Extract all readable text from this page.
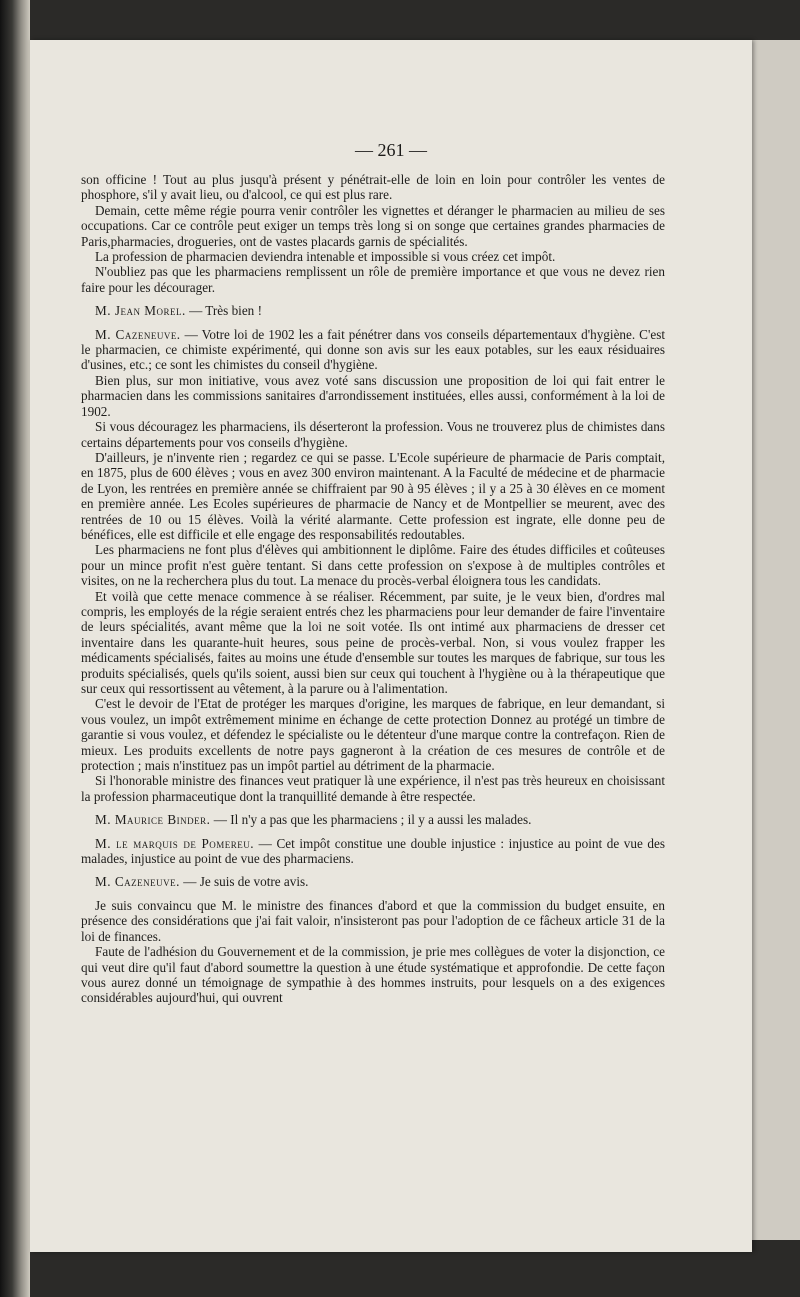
— 261 —

son officine ! Tout au plus jusqu'à présent y pénétrait-elle de loin en loin pour contrôler les ventes de phosphore, s'il y avait lieu, ou d'alcool, ce qui est plus rare.

Demain, cette même régie pourra venir contrôler les vignettes et déranger le pharmacien au milieu de ses occupations. Car ce contrôle peut exiger un temps très long si on songe que certaines grandes pharmacies de Paris,pharmacies, drogueries, ont de vastes placards garnis de spécialités.

La profession de pharmacien deviendra intenable et impossible si vous créez cet impôt.

N'oubliez pas que les pharmaciens remplissent un rôle de première importance et que vous ne devez rien faire pour les décourager.

M. Jean Morel. — Très bien !

M. Cazeneuve. — Votre loi de 1902 les a fait pénétrer dans vos conseils départementaux d'hygiène. C'est le pharmacien, ce chimiste expérimenté, qui donne son avis sur les eaux potables, sur les eaux résiduaires d'usines, etc.; ce sont les chimistes du conseil d'hygiène.

Bien plus, sur mon initiative, vous avez voté sans discussion une proposition de loi qui fait entrer le pharmacien dans les commissions sanitaires d'arrondissement instituées, elles aussi, conformément à la loi de 1902.

Si vous découragez les pharmaciens, ils déserteront la profession. Vous ne trouverez plus de chimistes dans certains départements pour vos conseils d'hygiène.

D'ailleurs, je n'invente rien ; regardez ce qui se passe. L'Ecole supérieure de pharmacie de Paris comptait, en 1875, plus de 600 élèves ; vous en avez 300 environ maintenant. A la Faculté de médecine et de pharmacie de Lyon, les rentrées en première année se chiffraient par 90 à 95 élèves ; il y a 25 à 30 élèves en ce moment en première année. Les Ecoles supérieures de pharmacie de Nancy et de Montpellier se meurent, avec des rentrées de 10 ou 15 élèves. Voilà la vérité alarmante. Cette profession est ingrate, elle donne peu de bénéfices, elle est difficile et elle engage des responsabilités redoutables.

Les pharmaciens ne font plus d'élèves qui ambitionnent le diplôme. Faire des études difficiles et coûteuses pour un mince profit n'est guère tentant. Si dans cette profession on s'expose à de multiples contrôles et visites, on ne la recherchera plus du tout. La menace du procès-verbal éloignera tous les candidats.

Et voilà que cette menace commence à se réaliser. Récemment, par suite, je le veux bien, d'ordres mal compris, les employés de la régie seraient entrés chez les pharmaciens pour leur demander de faire l'inventaire de leurs spécialités, avant même que la loi ne soit votée. Ils ont intimé aux pharmaciens de dresser cet inventaire dans les quarante-huit heures, sous peine de procès-verbal. Non, si vous voulez frapper les médicaments spécialisés, faites au moins une étude d'ensemble sur toutes les marques de fabrique, sur tous les produits spécialisés, quels qu'ils soient, aussi bien sur ceux qui touchent à l'hygiène ou à la thérapeutique que sur ceux qui ressortissent au vêtement, à la parure ou à l'alimentation.

C'est le devoir de l'Etat de protéger les marques d'origine, les marques de fabrique, en leur demandant, si vous voulez, un impôt extrêmement minime en échange de cette protection Donnez au protégé un timbre de garantie si vous voulez, et défendez le spécialiste ou le détenteur d'une marque contre la contrefaçon. Rien de mieux. Les produits excellents de notre pays gagneront à la création de ces mesures de contrôle et de protection ; mais n'instituez pas un impôt partiel au détriment de la pharmacie.

Si l'honorable ministre des finances veut pratiquer là une expérience, il n'est pas très heureux en choisissant la profession pharmaceutique dont la tranquillité demande à être respectée.

M. Maurice Binder. — Il n'y a pas que les pharmaciens ; il y a aussi les malades.

M. le marquis de Pomereu. — Cet impôt constitue une double injustice : injustice au point de vue des malades, injustice au point de vue des pharmaciens.

M. Cazeneuve. — Je suis de votre avis.

Je suis convaincu que M. le ministre des finances d'abord et que la commission du budget ensuite, en présence des considérations que j'ai fait valoir, n'insisteront pas pour l'adoption de ce fâcheux article 31 de la loi de finances.

Faute de l'adhésion du Gouvernement et de la commission, je prie mes collègues de voter la disjonction, ce qui veut dire qu'il faut d'abord soumettre la question à une étude systématique et approfondie. De cette façon vous aurez donné un témoignage de sympathie à des hommes instruits, pour lesquels on a des exigences considérables aujourd'hui, qui ouvrent
